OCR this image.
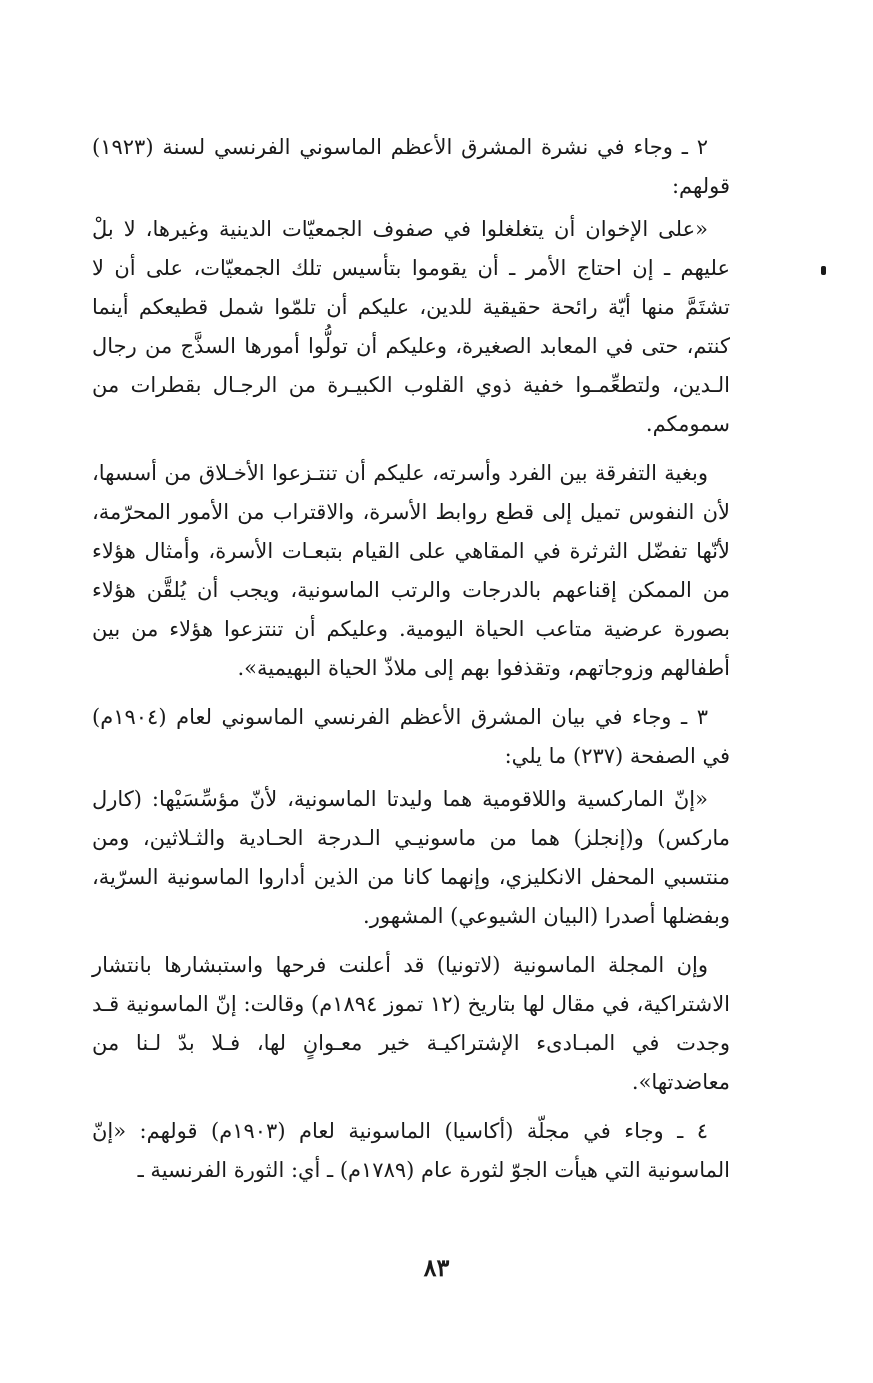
٢ ـ وجاء في نشرة المشرق الأعظم الماسوني الفرنسي لسنة (١٩٢٣) قولهم:

«على الإخوان أن يتغلغلوا في صفوف الجمعيّات الدينية وغيرها، لا بلْ عليهم ـ إن احتاج الأمر ـ أن يقوموا بتأسيس تلك الجمعيّات، على أن لا تشتَمَّ منها أيّة رائحة حقيقية للدين، عليكم أن تلمّوا شمل قطيعكم أينما كنتم، حتى في المعابد الصغيرة، وعليكم أن تولُّوا أمورها السذَّج من رجال الـدين، ولتطعِّمـوا خفية ذوي القلوب الكبيـرة من الرجـال بقطرات من سمومكم.

وبغية التفرقة بين الفرد وأسرته، عليكم أن تنتـزعوا الأخـلاق من أسسها، لأن النفوس تميل إلى قطع روابط الأسرة، والاقتراب من الأمور المحرّمة، لأنّها تفضّل الثرثرة في المقاهي على القيام بتبعـات الأسرة، وأمثال هؤلاء من الممكن إقناعهم بالدرجات والرتب الماسونية، ويجب أن يُلقَّن هؤلاء بصورة عرضية متاعب الحياة اليومية. وعليكم أن تنتزعوا هؤلاء من بين أطفالهم وزوجاتهم، وتقذفوا بهم إلى ملاذّ الحياة البهيمية».

٣ ـ وجاء في بيان المشرق الأعظم الفرنسي الماسوني لعام (١٩٠٤م) في الصفحة (٢٣٧) ما يلي:

«إنّ الماركسية واللاقومية هما وليدتا الماسونية، لأنّ مؤسِّسَيْها: (كارل ماركس) و(إنجلز) هما من ماسونيـي الـدرجة الحـادية والثـلاثين، ومن منتسبي المحفل الانكليزي، وإنهما كانا من الذين أداروا الماسونية السرّية، وبفضلها أصدرا (البيان الشيوعي) المشهور.

وإن المجلة الماسونية (لاتونيا) قد أعلنت فرحها واستبشارها بانتشار الاشتراكية، في مقال لها بتاريخ (١٢ تموز ١٨٩٤م) وقالت: إنّ الماسونية قـد وجدت في المبـادىء الإشتراكيـة خير معـوانٍ لها، فـلا بدّ لـنا من معاضدتها».

٤ ـ وجاء في مجلّة (أكاسيا) الماسونية لعام (١٩٠٣م) قولهم: «إنّ الماسونية التي هيأت الجوّ لثورة عام (١٧٨٩م) ـ أي: الثورة الفرنسية ـ

٨٣
